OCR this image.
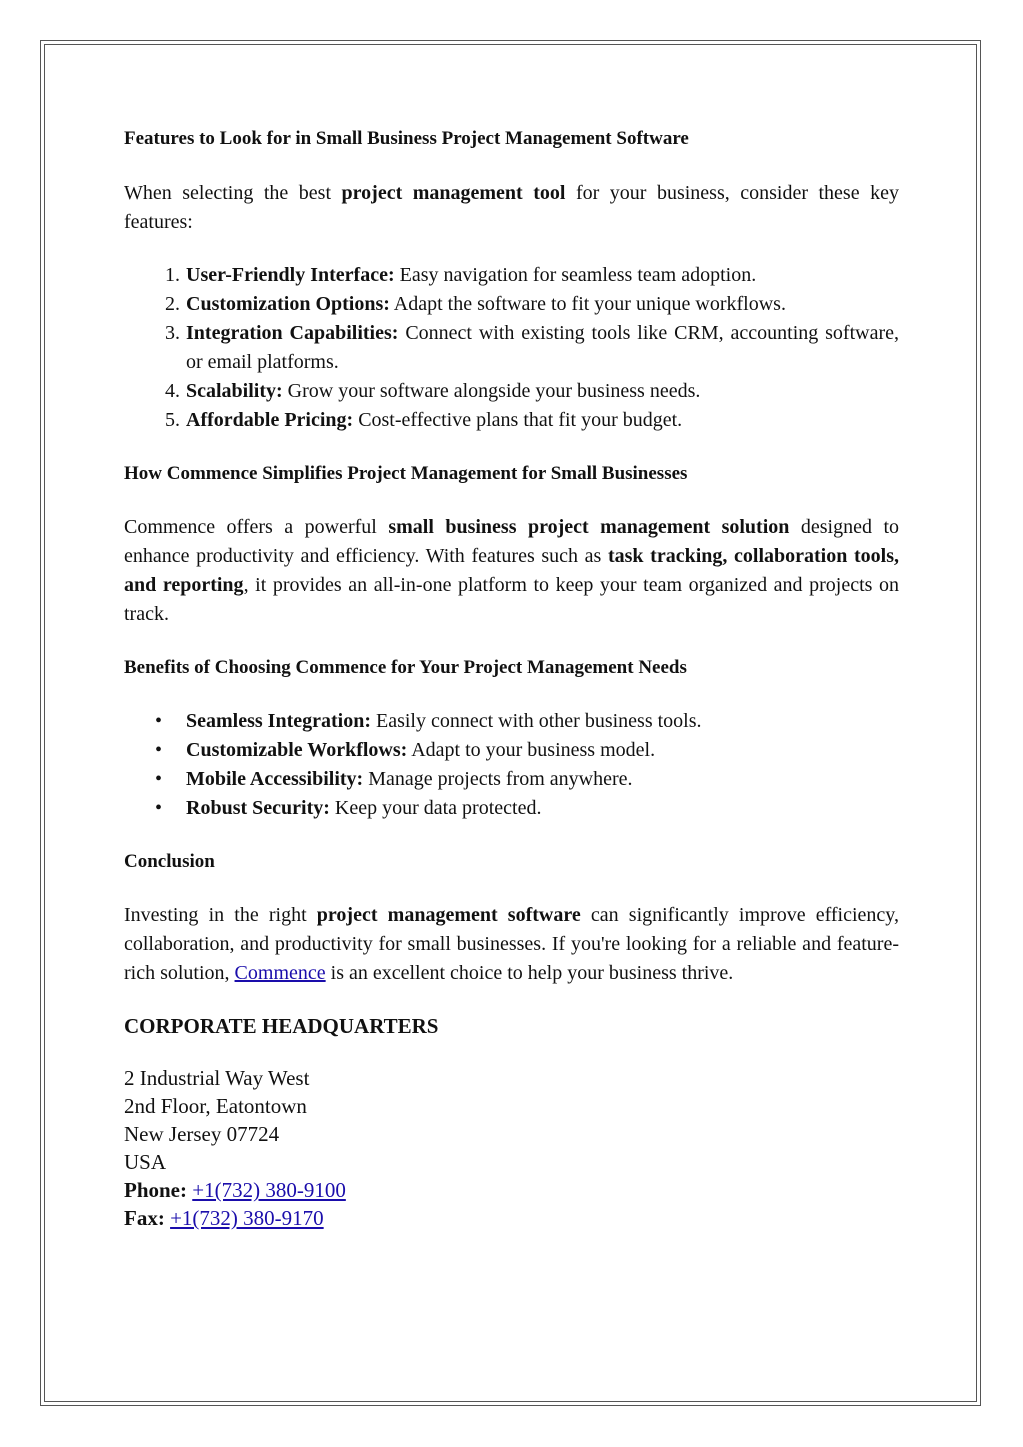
Features to Look for in Small Business Project Management Software

When selecting the best project management tool for your business, consider these key features:

1. User-Friendly Interface: Easy navigation for seamless team adoption.
2. Customization Options: Adapt the software to fit your unique workflows.
3. Integration Capabilities: Connect with existing tools like CRM, accounting software, or email platforms.
4. Scalability: Grow your software alongside your business needs.
5. Affordable Pricing: Cost-effective plans that fit your budget.

How Commence Simplifies Project Management for Small Businesses

Commence offers a powerful small business project management solution designed to enhance productivity and efficiency. With features such as task tracking, collaboration tools, and reporting, it provides an all-in-one platform to keep your team organized and projects on track.

Benefits of Choosing Commence for Your Project Management Needs

• Seamless Integration: Easily connect with other business tools.
• Customizable Workflows: Adapt to your business model.
• Mobile Accessibility: Manage projects from anywhere.
• Robust Security: Keep your data protected.

Conclusion

Investing in the right project management software can significantly improve efficiency, collaboration, and productivity for small businesses. If you're looking for a reliable and feature-rich solution, Commence is an excellent choice to help your business thrive.

CORPORATE HEADQUARTERS

2 Industrial Way West

2nd Floor, Eatontown

New Jersey 07724

USA

Phone: +1(732) 380-9100

Fax: +1(732) 380-9170
